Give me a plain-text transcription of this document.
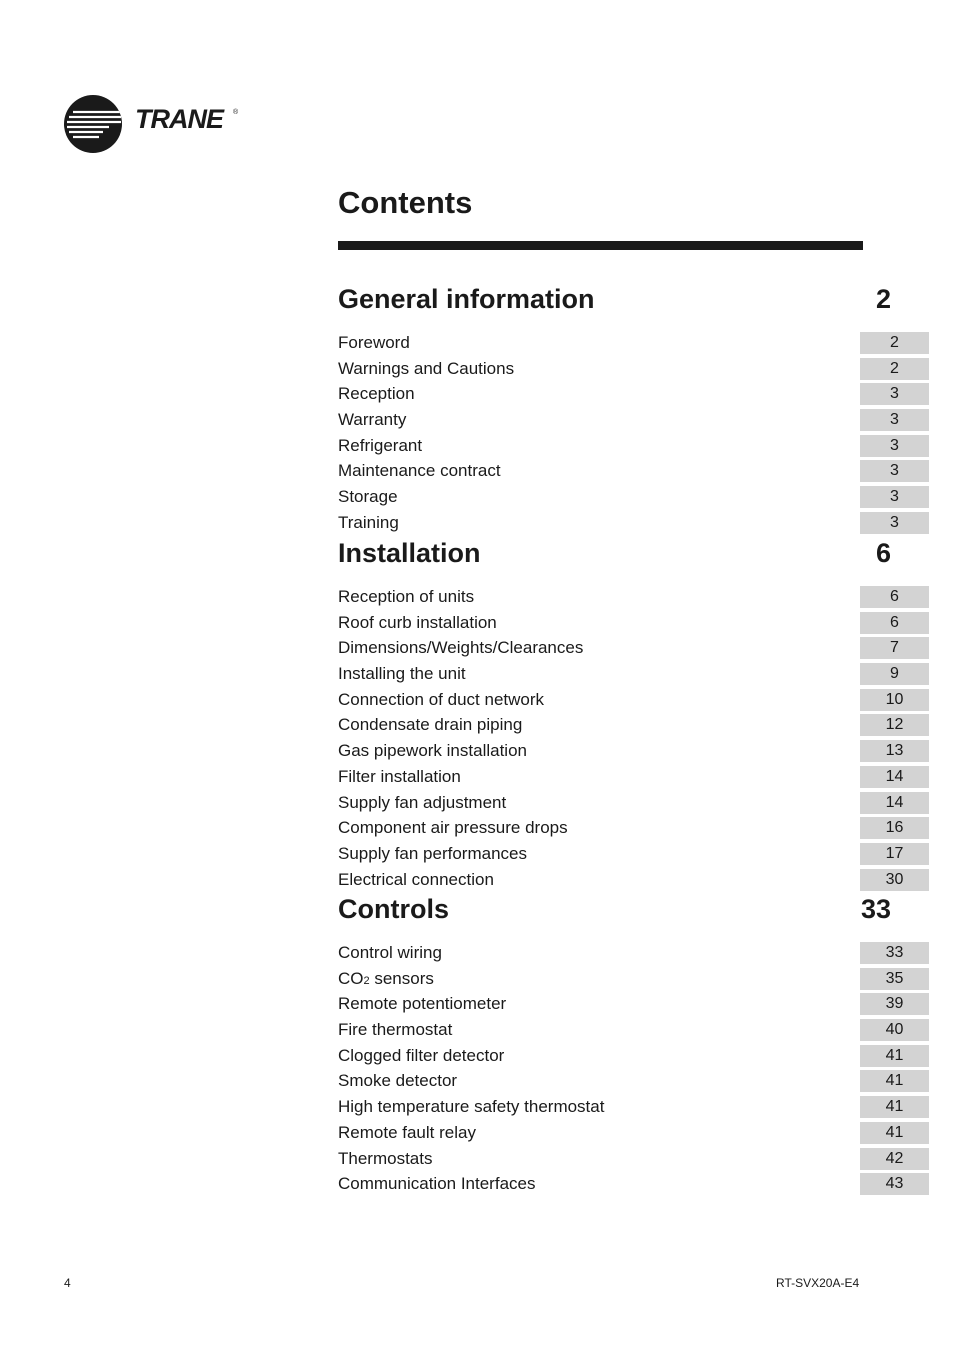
TRANE ®
Contents
General information	2
Foreword	2
Warnings and Cautions	2
Reception	3
Warranty	3
Refrigerant	3
Maintenance contract	3
Storage	3
Training	3
Installation	6
Reception of units	6
Roof curb installation	6
Dimensions/Weights/Clearances	7
Installing the unit	9
Connection of duct network	10
Condensate drain piping	12
Gas pipework installation	13
Filter installation	14
Supply fan adjustment	14
Component air pressure drops	16
Supply fan performances	17
Electrical connection	30
Controls	33
Control wiring	33
CO2 sensors	35
Remote potentiometer	39
Fire thermostat	40
Clogged filter detector	41
Smoke detector	41
High temperature safety thermostat	41
Remote fault relay	41
Thermostats	42
Communication Interfaces	43
4	RT-SVX20A-E4
